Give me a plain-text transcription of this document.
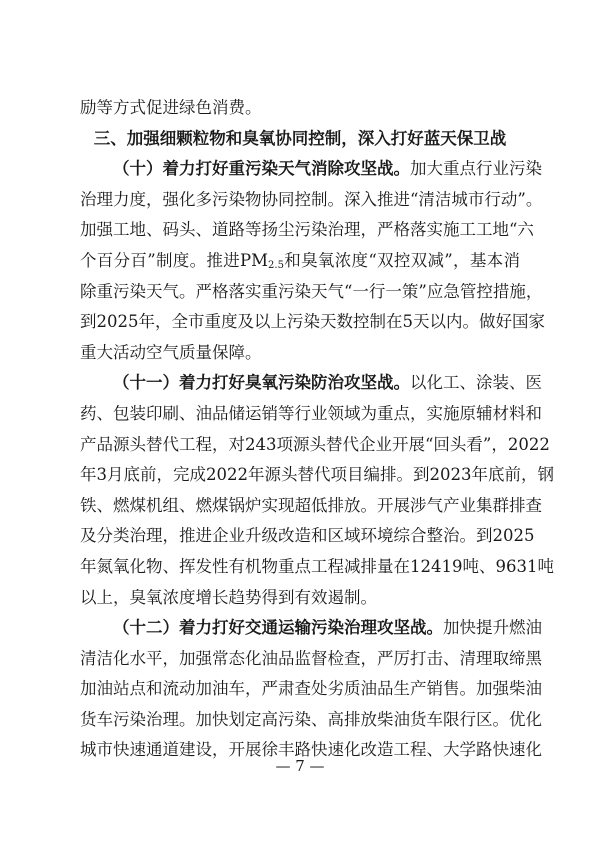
励等方式促进绿色消费。
三、加强细颗粒物和臭氧协同控制，深入打好蓝天保卫战
（十）着力打好重污染天气消除攻坚战。加大重点行业污染
治理力度，强化多污染物协同控制。深入推进“清洁城市行动”。
加强工地、码头、道路等扬尘污染治理，严格落实施工工地“六
个百分百”制度。推进$PM_{2.5}$和臭氧浓度“双控双减”，基本消
除重污染天气。严格落实重污染天气“一行一策”应急管控措施，
到2025年，全市重度及以上污染天数控制在5天以内。做好国家
重大活动空气质量保障。
（十一）着力打好臭氧污染防治攻坚战。以化工、涂装、医
药、包装印刷、油品储运销等行业领域为重点，实施原辅材料和
产品源头替代工程，对243项源头替代企业开展“回头看”，2022
年3月底前，完成2022年源头替代项目编排。到2023年底前，钢
铁、燃煤机组、燃煤锅炉实现超低排放。开展涉气产业集群排查
及分类治理，推进企业升级改造和区域环境综合整治。到2025
年氮氧化物、挥发性有机物重点工程减排量在12419吨、9631吨
以上，臭氧浓度增长趋势得到有效遏制。
（十二）着力打好交通运输污染治理攻坚战。加快提升燃油
清洁化水平，加强常态化油品监督检查，严厉打击、清理取缔黑
加油站点和流动加油车，严肃查处劣质油品生产销售。加强柴油
货车污染治理。加快划定高污染、高排放柴油货车限行区。优化
城市快速通道建设，开展徐丰路快速化改造工程、大学路快速化
— 7 —
